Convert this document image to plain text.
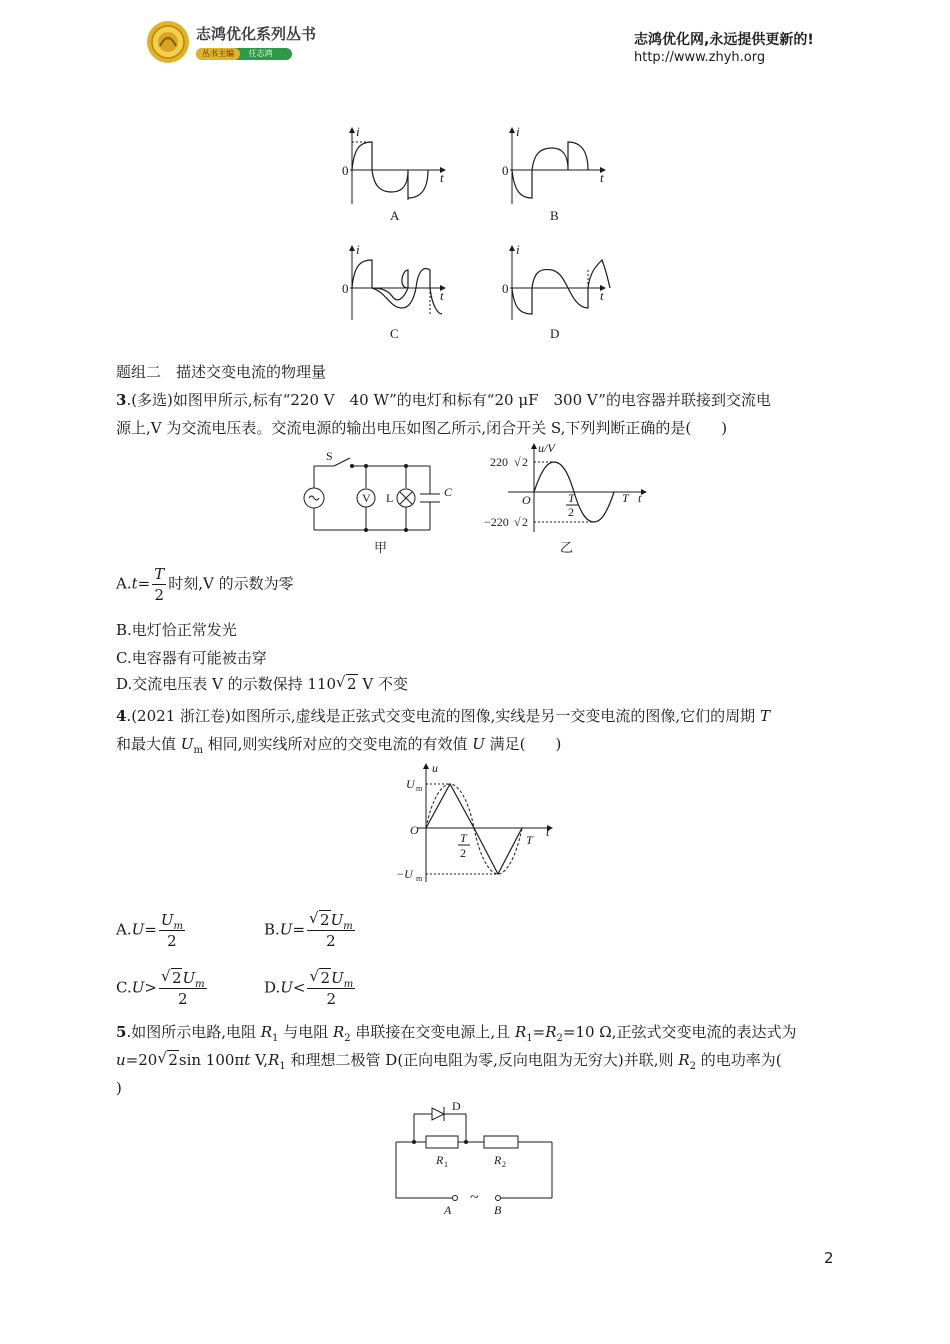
志鸿优化系列丛书
丛书主编 任志鸿
志鸿优化网,永远提供更新的!
http://www.zhyh.org
i
0	t
A
i
0	t
B
i
0	t
C
i
0	t
D
题组二　描述交变电流的物理量
3.(多选)如图甲所示,标有“220 V　40 W”的电灯和标有“20 μF　300 V”的电容器并联接到交流电
源上,V 为交流电压表。交流电源的输出电压如图乙所示,闭合开关 S,下列判断正确的是(　　)
S
V L	C
甲
u/V
220 √ 2
−220 √ 2
O	T
2
T t
乙
$A.t= \frac{T}{2}$ 时刻,V 的示数为零
B.电灯恰正常发光
C.电容器有可能被击穿
D.交流电压表 V 的示数保持 110 √ 2 V 不变
4.(2021 浙江卷)如图所示,虚线是正弦式交变电流的图像,实线是另一交变电流的图像,它们的周期 T
和最大值 $U_m$ 相同,则实线所对应的交变电流的有效值 U 满足(　　)
u
U m
O
T
2
T
t
−U m
$A.U= \frac{U_m}{2}$	$B.U= \frac{√ 2U_m}{2}$
$C.U> \frac{√ 2U_m}{2}$	$D.U< \frac{√ 2U_m}{2}$
5.如图所示电路,电阻 $R_1$ 与电阻 $R_2$ 串联接在交变电源上,且 $R_1=R_2=10$ Ω,正弦式交变电流的表达式为
u=20 √ 2sin 100πt $V,R_1$ 和理想二极管 D(正向电阻为零,反向电阻为无穷大)并联,则 $R_2$ 的电功率为(
)
D
R 1	R 2
~
A	B
2
